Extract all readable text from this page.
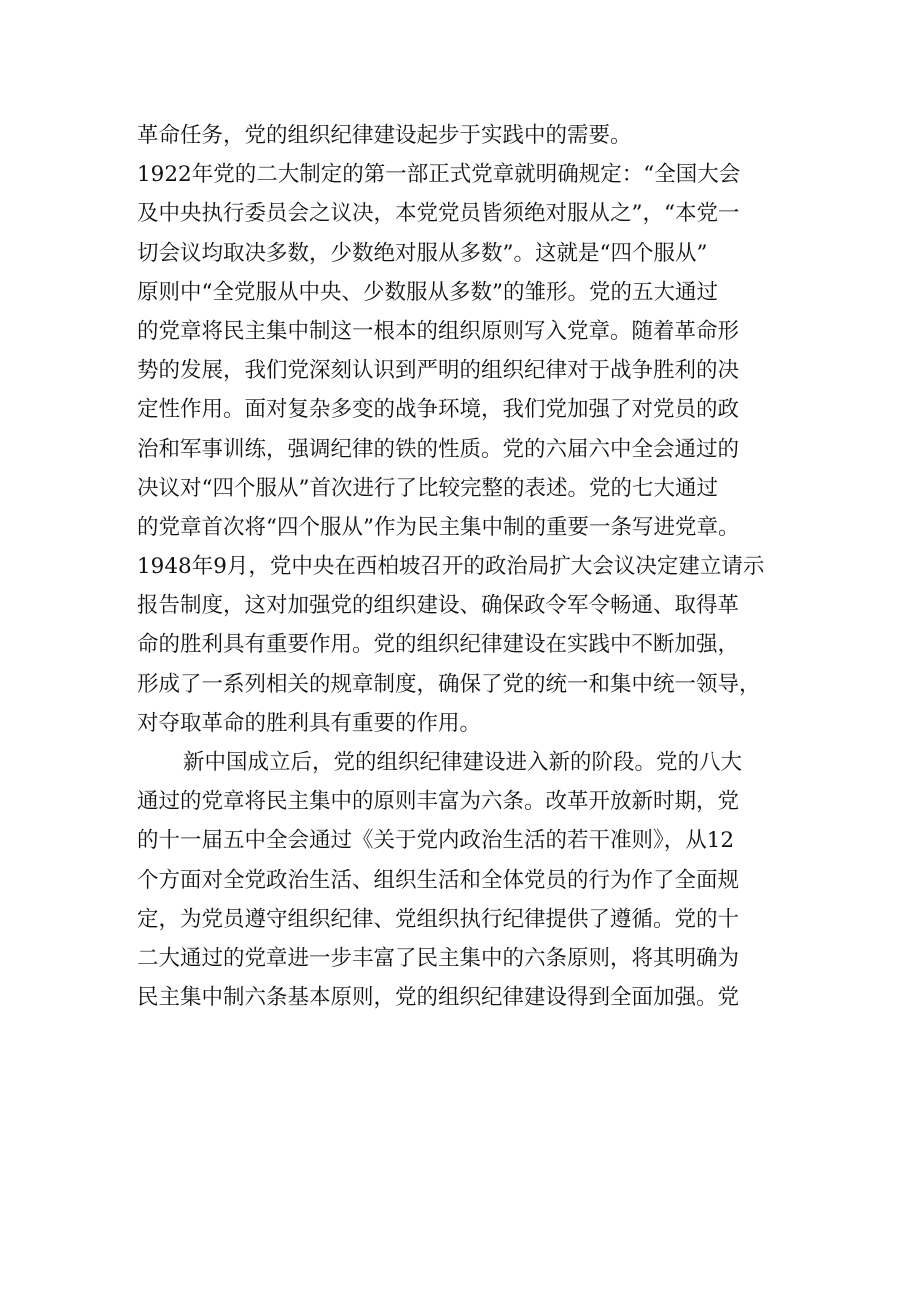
革命任务，党的组织纪律建设起步于实践中的需要。
1922年党的二大制定的第一部正式党章就明确规定：“全国大会
及中央执行委员会之议决，本党党员皆须绝对服从之”，“本党一
切会议均取决多数，少数绝对服从多数”。这就是“四个服从”
原则中“全党服从中央、少数服从多数”的雏形。党的五大通过
的党章将民主集中制这一根本的组织原则写入党章。随着革命形
势的发展，我们党深刻认识到严明的组织纪律对于战争胜利的决
定性作用。面对复杂多变的战争环境，我们党加强了对党员的政
治和军事训练，强调纪律的铁的性质。党的六届六中全会通过的
决议对“四个服从”首次进行了比较完整的表述。党的七大通过
的党章首次将“四个服从”作为民主集中制的重要一条写进党章。
1948年9月，党中央在西柏坡召开的政治局扩大会议决定建立请示
报告制度，这对加强党的组织建设、确保政令军令畅通、取得革
命的胜利具有重要作用。党的组织纪律建设在实践中不断加强，
形成了一系列相关的规章制度，确保了党的统一和集中统一领导，
对夺取革命的胜利具有重要的作用。
新中国成立后，党的组织纪律建设进入新的阶段。党的八大
通过的党章将民主集中的原则丰富为六条。改革开放新时期，党
的十一届五中全会通过《关于党内政治生活的若干准则》，从12
个方面对全党政治生活、组织生活和全体党员的行为作了全面规
定，为党员遵守组织纪律、党组织执行纪律提供了遵循。党的十
二大通过的党章进一步丰富了民主集中的六条原则，将其明确为
民主集中制六条基本原则，党的组织纪律建设得到全面加强。党
